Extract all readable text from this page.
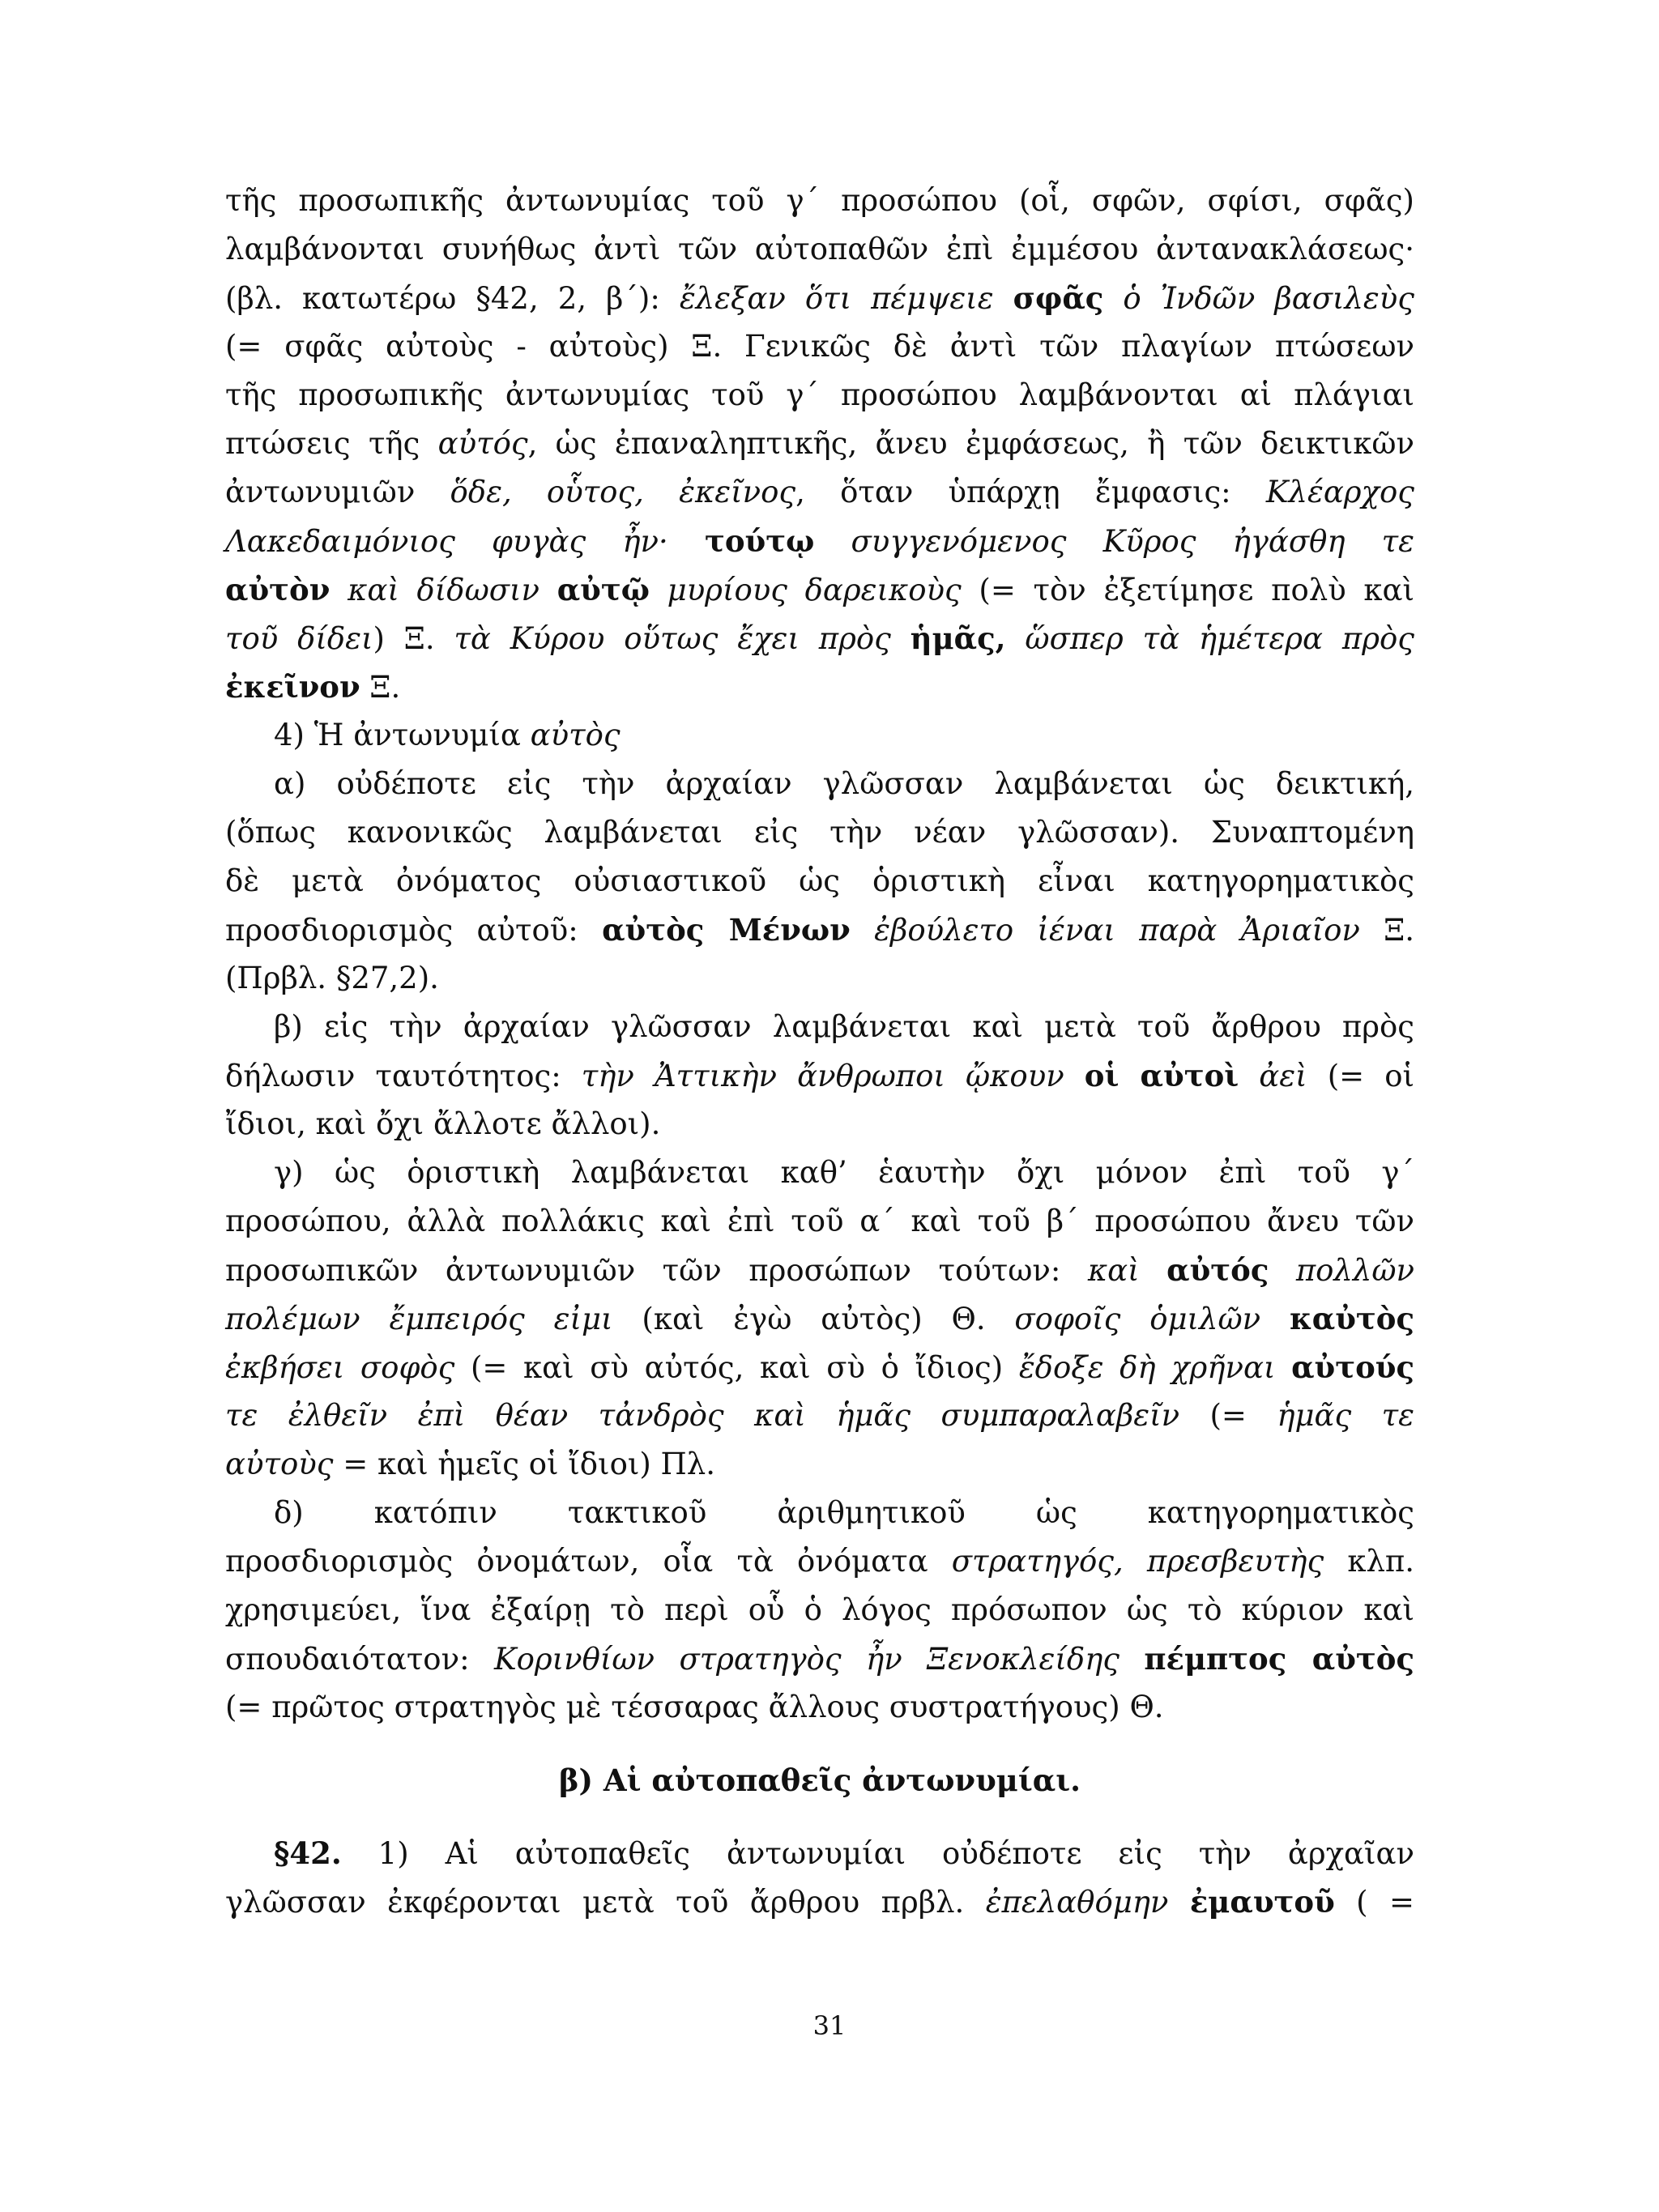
τῆς προσωπικῆς ἀντωνυμίας τοῦ γ΄ προσώπου (οἷ, σφῶν, σφίσι, σφᾶς)
λαμβάνονται συνήθως ἀντὶ τῶν αὐτοπαθῶν ἐπὶ ἐμμέσου ἀντανακλάσεως·
(βλ. κατωτέρω §42, 2, β΄): ἔλεξαν ὅτι πέμψειε σφᾶς ὁ Ἰνδῶν βασιλεὺς
(= σφᾶς αὐτοὺς - αὐτοὺς) Ξ. Γενικῶς δὲ ἀντὶ τῶν πλαγίων πτώσεων
τῆς προσωπικῆς ἀντωνυμίας τοῦ γ΄ προσώπου λαμβάνονται αἱ πλάγιαι
πτώσεις τῆς αὐτός, ὡς ἐπαναληπτικῆς, ἄνευ ἐμφάσεως, ἢ τῶν δεικτικῶν
ἀντωνυμιῶν ὅδε, οὗτος, ἐκεῖνος, ὅταν ὑπάρχῃ ἔμφασις: Κλέαρχος
Λακεδαιμόνιος φυγὰς ἦν· τούτῳ συγγενόμενος Κῦρος ἠγάσθη τε
αὐτὸν καὶ δίδωσιν αὐτῷ μυρίους δαρεικοὺς (= τὸν ἐξετίμησε πολὺ καὶ
τοῦ δίδει) Ξ. τὰ Κύρου οὕτως ἔχει πρὸς ἡμᾶς, ὥσπερ τὰ ἡμέτερα πρὸς
ἐκεῖνον Ξ.
4) Ἡ ἀντωνυμία αὐτὸς
α) οὐδέποτε εἰς τὴν ἀρχαίαν γλῶσσαν λαμβάνεται ὡς δεικτική,
(ὅπως κανονικῶς λαμβάνεται εἰς τὴν νέαν γλῶσσαν). Συναπτομένη
δὲ μετὰ ὀνόματος οὐσιαστικοῦ ὡς ὁριστικὴ εἶναι κατηγορηματικὸς
προσδιορισμὸς αὐτοῦ: αὐτὸς Μένων ἐβούλετο ἰέναι παρὰ Ἀριαῖον Ξ.
(Πρβλ. §27,2).
β) εἰς τὴν ἀρχαίαν γλῶσσαν λαμβάνεται καὶ μετὰ τοῦ ἄρθρου πρὸς
δήλωσιν ταυτότητος: τὴν Ἀττικὴν ἄνθρωποι ᾤκουν οἱ αὐτοὶ ἀεὶ (= οἱ
ἴδιοι, καὶ ὄχι ἄλλοτε ἄλλοι).
γ) ὡς ὁριστικὴ λαμβάνεται καθ’ ἑαυτὴν ὄχι μόνον ἐπὶ τοῦ γ΄
προσώπου, ἀλλὰ πολλάκις καὶ ἐπὶ τοῦ α΄ καὶ τοῦ β΄ προσώπου ἄνευ τῶν
προσωπικῶν ἀντωνυμιῶν τῶν προσώπων τούτων: καὶ αὐτός πολλῶν
πολέμων ἔμπειρός εἰμι (καὶ ἐγὼ αὐτὸς) Θ. σοφοῖς ὁμιλῶν καὐτὸς
ἐκβήσει σοφὸς (= καὶ σὺ αὐτός, καὶ σὺ ὁ ἴδιος) ἔδοξε δὴ χρῆναι αὐτούς
τε ἐλθεῖν ἐπὶ θέαν τἀνδρὸς καὶ ἡμᾶς συμπαραλαβεῖν (= ἡμᾶς τε
αὐτοὺς = καὶ ἡμεῖς οἱ ἴδιοι) Πλ.
δ) κατόπιν τακτικοῦ ἀριθμητικοῦ ὡς κατηγορηματικὸς
προσδιορισμὸς ὀνομάτων, οἷα τὰ ὀνόματα στρατηγός, πρεσβευτὴς κλπ.
χρησιμεύει, ἵνα ἐξαίρῃ τὸ περὶ οὗ ὁ λόγος πρόσωπον ὡς τὸ κύριον καὶ
σπουδαιότατον: Κορινθίων στρατηγὸς ἦν Ξενοκλείδης πέμπτος αὐτὸς
(= πρῶτος στρατηγὸς μὲ τέσσαρας ἄλλους συστρατήγους) Θ.
β) Αἱ αὐτοπαθεῖς ἀντωνυμίαι.
§42. 1) Αἱ αὐτοπαθεῖς ἀντωνυμίαι οὐδέποτε εἰς τὴν ἀρχαῖαν
γλῶσσαν ἐκφέρονται μετὰ τοῦ ἄρθρου πρβλ. ἐπελαθόμην ἐμαυτοῦ ( =
31
